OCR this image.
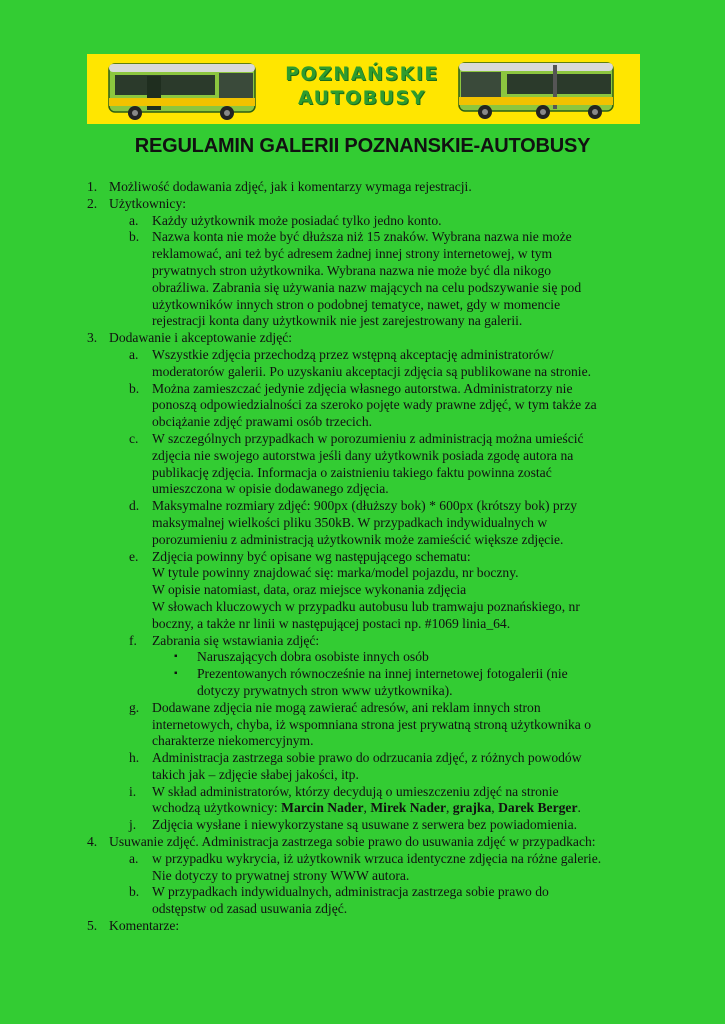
POZNAŃSKIE
AUTOBUSY
REGULAMIN GALERII POZNANSKIE-AUTOBUSY
1. Możliwość dodawania zdjęć, jak i komentarzy wymaga rejestracji.
2. Użytkownicy:
a. Każdy użytkownik może posiadać tylko jedno konto.
b. Nazwa konta nie może być dłuższa niż 15 znaków. Wybrana nazwa nie może
reklamować, ani też być adresem żadnej innej strony internetowej, w tym
prywatnych stron użytkownika. Wybrana nazwa nie może być dla nikogo
obraźliwa. Zabrania się używania nazw mających na celu podszywanie się pod
użytkowników innych stron o podobnej tematyce, nawet, gdy w momencie
rejestracji konta dany użytkownik nie jest zarejestrowany na galerii.
3. Dodawanie i akceptowanie zdjęć:
a. Wszystkie zdjęcia przechodzą przez wstępną akceptację administratorów/
moderatorów galerii. Po uzyskaniu akceptacji zdjęcia są publikowane na stronie.
b. Można zamieszczać jedynie zdjęcia własnego autorstwa. Administratorzy nie
ponoszą odpowiedzialności za szeroko pojęte wady prawne zdjęć, w tym także za
obciążanie zdjęć prawami osób trzecich.
c. W szczególnych przypadkach w porozumieniu z administracją można umieścić
zdjęcia nie swojego autorstwa jeśli dany użytkownik posiada zgodę autora na
publikację zdjęcia. Informacja o zaistnieniu takiego faktu powinna zostać
umieszczona w opisie dodawanego zdjęcia.
d. Maksymalne rozmiary zdjęć: 900px (dłuższy bok) * 600px (krótszy bok) przy
maksymalnej wielkości pliku 350kB. W przypadkach indywidualnych w
porozumieniu z administracją użytkownik może zamieścić większe zdjęcie.
e. Zdjęcia powinny być opisane wg następującego schematu:
W tytule powinny znajdować się: marka/model pojazdu, nr boczny.
W opisie natomiast, data, oraz miejsce wykonania zdjęcia
W słowach kluczowych w przypadku autobusu lub tramwaju poznańskiego, nr
boczny, a także nr linii w następującej postaci np. #1069 linia_64.
f. Zabrania się wstawiania zdjęć:
▪ Naruszających dobra osobiste innych osób
▪ Prezentowanych równocześnie na innej internetowej fotogalerii (nie
dotyczy prywatnych stron www użytkownika).
g. Dodawane zdjęcia nie mogą zawierać adresów, ani reklam innych stron
internetowych, chyba, iż wspomniana strona jest prywatną stroną użytkownika o
charakterze niekomercyjnym.
h. Administracja zastrzega sobie prawo do odrzucania zdjęć, z różnych powodów
takich jak – zdjęcie słabej jakości, itp.
i. W skład administratorów, którzy decydują o umieszczeniu zdjęć na stronie
wchodzą użytkownicy: Marcin Nader, Mirek Nader, grajka, Darek Berger.
j. Zdjęcia wysłane i niewykorzystane są usuwane z serwera bez powiadomienia.
4. Usuwanie zdjęć. Administracja zastrzega sobie prawo do usuwania zdjęć w przypadkach:
a. w przypadku wykrycia, iż użytkownik wrzuca identyczne zdjęcia na różne galerie.
Nie dotyczy to prywatnej strony WWW autora.
b. W przypadkach indywidualnych, administracja zastrzega sobie prawo do
odstępstw od zasad usuwania zdjęć.
5. Komentarze:
